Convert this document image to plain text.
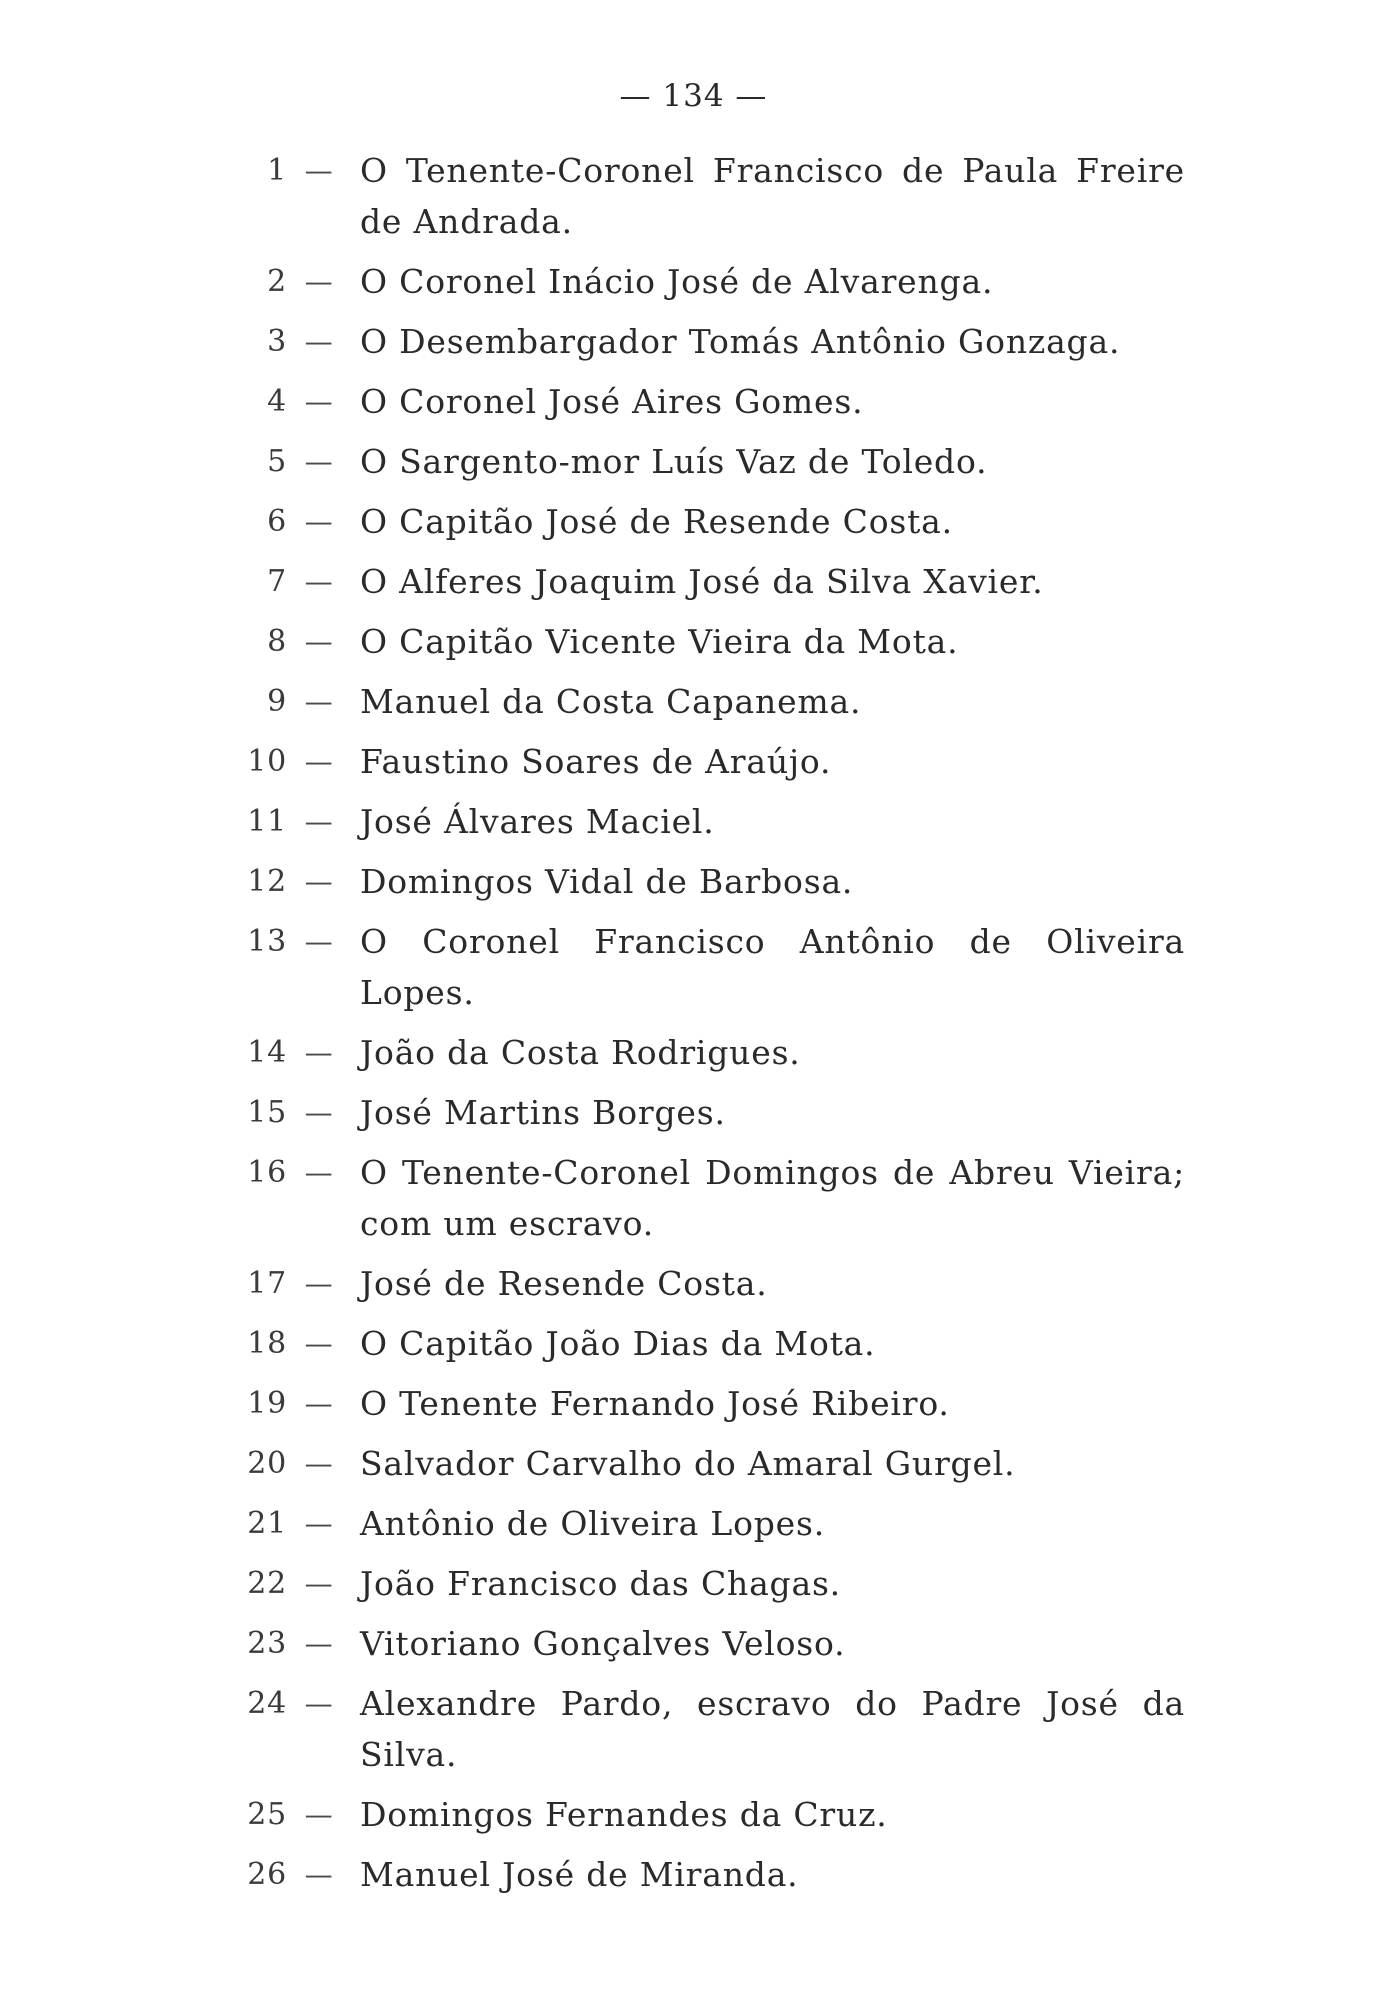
— 134 —
1 — O Tenente-Coronel Francisco de Paula Freire de Andrada.
2 — O Coronel Inácio José de Alvarenga.
3 — O Desembargador Tomás Antônio Gonzaga.
4 — O Coronel José Aires Gomes.
5 — O Sargento-mor Luís Vaz de Toledo.
6 — O Capitão José de Resende Costa.
7 — O Alferes Joaquim José da Silva Xavier.
8 — O Capitão Vicente Vieira da Mota.
9 — Manuel da Costa Capanema.
10 — Faustino Soares de Araújo.
11 — José Álvares Maciel.
12 — Domingos Vidal de Barbosa.
13 — O Coronel Francisco Antônio de Oliveira Lopes.
14 — João da Costa Rodrigues.
15 — José Martins Borges.
16 — O Tenente-Coronel Domingos de Abreu Vieira; com um escravo.
17 — José de Resende Costa.
18 — O Capitão João Dias da Mota.
19 — O Tenente Fernando José Ribeiro.
20 — Salvador Carvalho do Amaral Gurgel.
21 — Antônio de Oliveira Lopes.
22 — João Francisco das Chagas.
23 — Vitoriano Gonçalves Veloso.
24 — Alexandre Pardo, escravo do Padre José da Silva.
25 — Domingos Fernandes da Cruz.
26 — Manuel José de Miranda.
